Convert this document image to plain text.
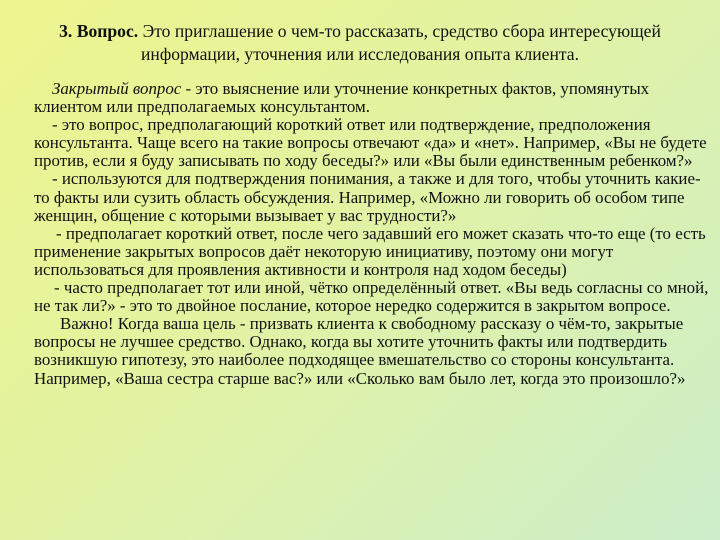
3. Вопрос. Это приглашение о чем-то рассказать, средство сбора интересующей информации, уточнения или исследования опыта клиента.

Закрытый вопрос - это выяснение или уточнение конкретных фактов, упомянутых клиентом или предполагаемых консультантом.

- это вопрос, предполагающий короткий ответ или подтверждение, предположения консультанта. Чаще всего на такие вопросы отвечают «да» и «нет». Например, «Вы не будете против, если я буду записывать по ходу беседы?» или «Вы были единственным ребенком?»

- используются для подтверждения понимания, а также и для того, чтобы уточнить какие-то факты или сузить область обсуждения. Например, «Можно ли говорить об особом типе женщин, общение с которыми вызывает у вас трудности?»

- предполагает короткий ответ, после чего задавший его может сказать что-то еще (то есть применение закрытых вопросов даёт некоторую инициативу, поэтому они могут использоваться для проявления активности и контроля над ходом беседы)

- часто предполагает тот или иной, чётко определённый ответ. «Вы ведь согласны со мной, не так ли?» - это то двойное послание, которое нередко содержится в закрытом вопросе.

Важно! Когда ваша цель - призвать клиента к свободному рассказу о чём-то, закрытые вопросы не лучшее средство. Однако, когда вы хотите уточнить факты или подтвердить возникшую гипотезу, это наиболее подходящее вмешательство со стороны консультанта. Например, «Ваша сестра старше вас?» или «Сколько вам было лет, когда это произошло?»
